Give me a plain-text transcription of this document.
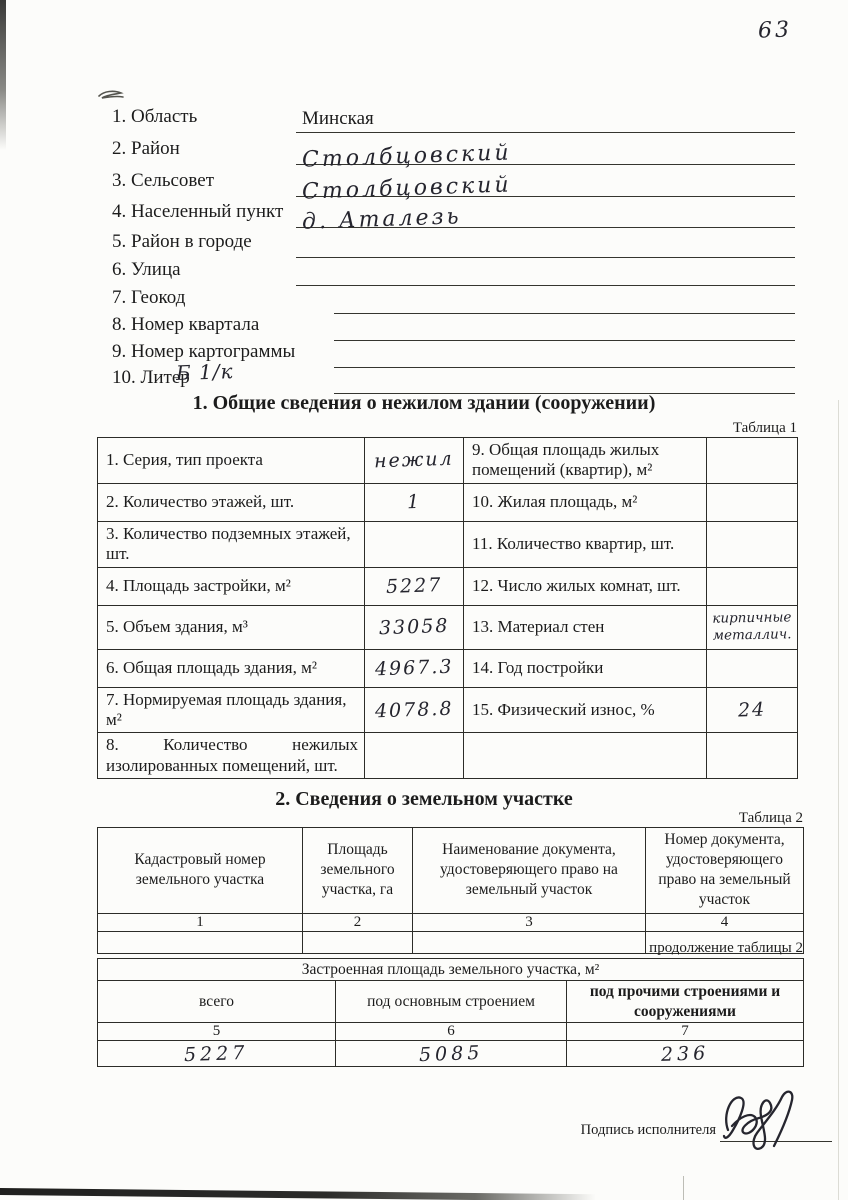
63
1. Область	Минская
2. Район	Столбцовский
3. Сельсовет	Столбцовский
4. Населенный пункт д. Аталезь
5. Район в городе
6. Улица
7. Геокод
8. Номер квартала
9. Номер картограммы
10. Литер
Б 1/к
1. Общие сведения о нежилом здании (сооружении)
Таблица 1
1. Серия, тип проекта	нежил	9. Общая площадь жилых помещений (квартир), м²	
2. Количество этажей, шт.	1	10. Жилая площадь, м²	
3. Количество подземных этажей, шт.		11. Количество квартир, шт.	
4. Площадь застройки, м²	5227	12. Число жилых комнат, шт.	
5. Объем здания, м³	33058	13. Материал стен	кирпичные металлич.
6. Общая площадь здания, м²	4967.3	14. Год постройки	
7. Нормируемая площадь здания, м²	4078.8	15. Физический износ, %	24
8. Количество нежилых изолированных помещений, шт.			
2. Сведения о земельном участке
Таблица 2
Кадастровый номер земельного участка	Площадь земельного участка, га	Наименование документа, удостоверяющего право на земельный участок	Номер документа, удостоверяющего право на земельный участок
1	2	3	4

продолжение таблицы 2
Застроенная площадь земельного участка, м²		
всего	под основным строением	под прочими строениями и сооружениями
5	6	7
5227	5085	236
Подпись исполнителя
